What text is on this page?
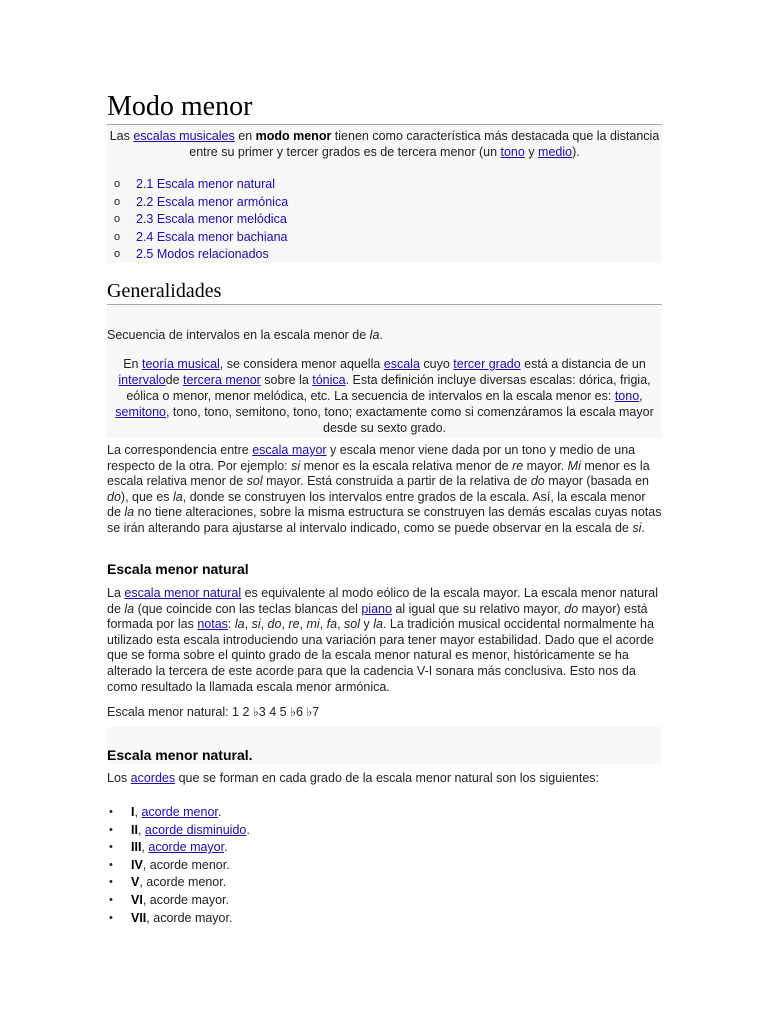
Modo menor
Las escalas musicales en modo menor tienen como característica más destacada que la distancia entre su primer y tercer grados es de tercera menor (un tono y medio).
o 2.1 Escala menor natural
o 2.2 Escala menor armónica
o 2.3 Escala menor melódica
o 2.4 Escala menor bachiana
o 2.5 Modos relacionados
Generalidades
Secuencia de intervalos en la escala menor de la.
En teoría musical, se considera menor aquella escala cuyo tercer grado está a distancia de un intervalode tercera menor sobre la tónica. Esta definición incluye diversas escalas: dórica, frigia, eólica o menor, menor melódica, etc. La secuencia de intervalos en la escala menor es: tono, semitono, tono, tono, semitono, tono, tono; exactamente como si comenzáramos la escala mayor desde su sexto grado.

La correspondencia entre escala mayor y escala menor viene dada por un tono y medio de una respecto de la otra. Por ejemplo: si menor es la escala relativa menor de re mayor. Mi menor es la escala relativa menor de sol mayor. Está construida a partir de la relativa de do mayor (basada en do), que es la, donde se construyen los intervalos entre grados de la escala. Así, la escala menor de la no tiene alteraciones, sobre la misma estructura se construyen las demás escalas cuyas notas se irán alterando para ajustarse al intervalo indicado, como se puede observar en la escala de si.

Escala menor natural

La escala menor natural es equivalente al modo eólico de la escala mayor. La escala menor natural de la (que coincide con las teclas blancas del piano al igual que su relativo mayor, do mayor) está formada por las notas: la, si, do, re, mi, fa, sol y la. La tradición musical occidental normalmente ha utilizado esta escala introduciendo una variación para tener mayor estabilidad. Dado que el acorde que se forma sobre el quinto grado de la escala menor natural es menor, históricamente se ha alterado la tercera de este acorde para que la cadencia V-I sonara más conclusiva. Esto nos da como resultado la llamada escala menor armónica.

Escala menor natural: 1 2 ♭3 4 5 ♭6 ♭7

Escala menor natural.

Los acordes que se forman en cada grado de la escala menor natural son los siguientes:

• I, acorde menor.
• II, acorde disminuido.
• III, acorde mayor.
• IV, acorde menor.
• V, acorde menor.
• VI, acorde mayor.
• VII, acorde mayor.
